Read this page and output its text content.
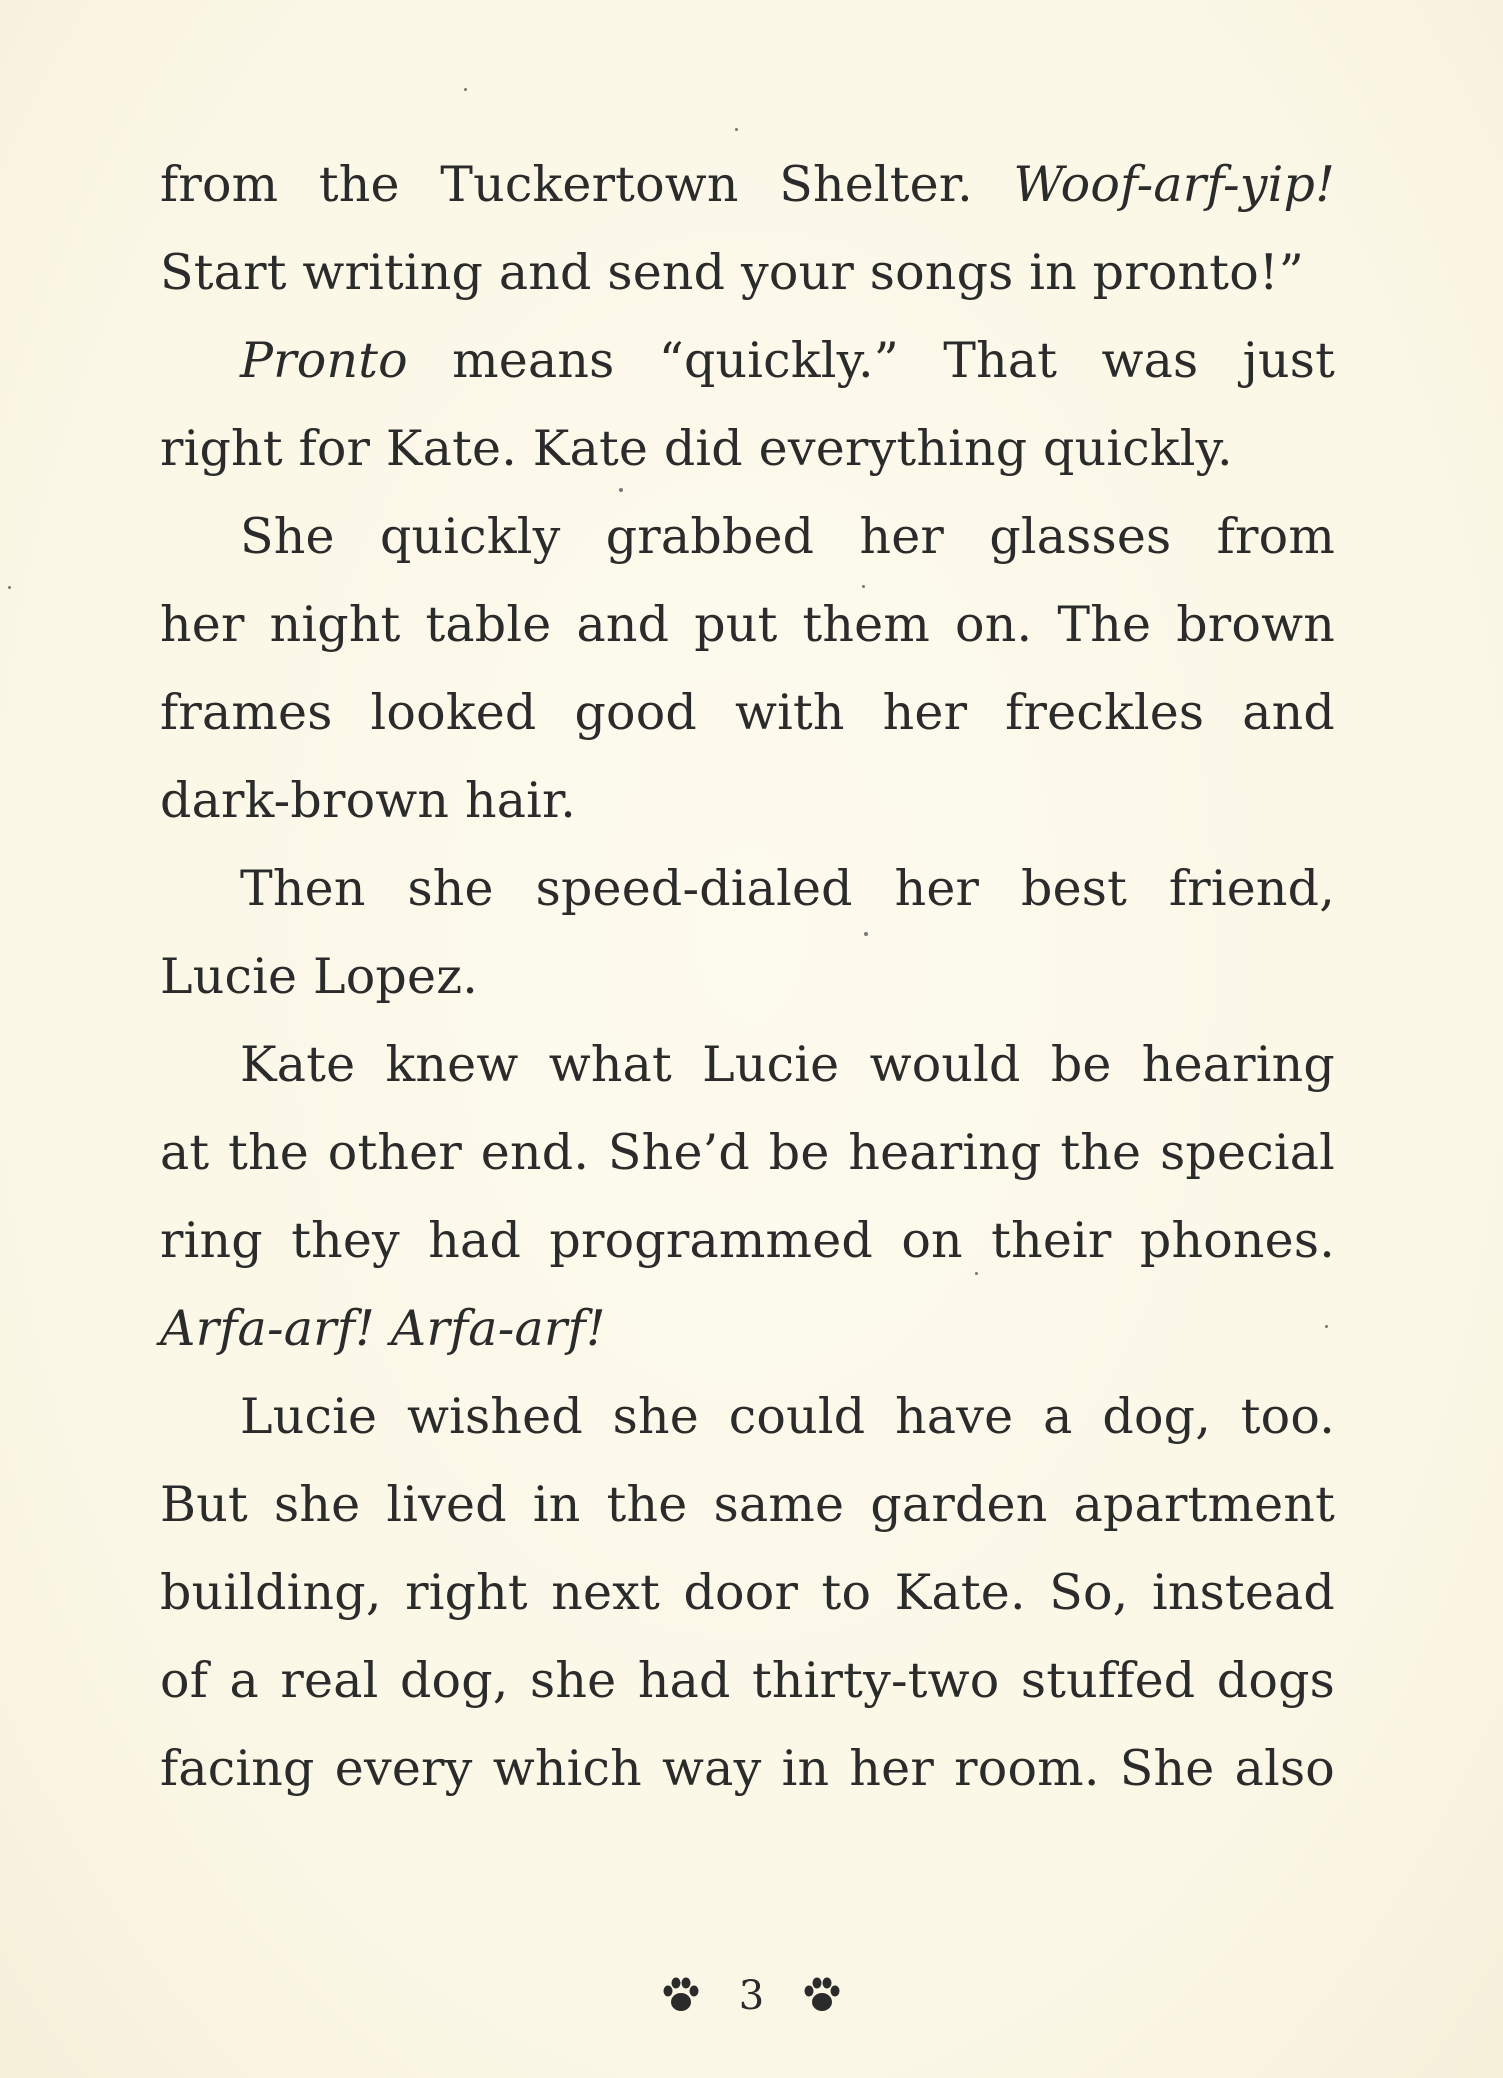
from the Tuckertown Shelter. Woof-arf-yip!
Start writing and send your songs in pronto!”
Pronto means “quickly.” That was just
right for Kate. Kate did everything quickly.
She quickly grabbed her glasses from
her night table and put them on. The brown
frames looked good with her freckles and
dark-brown hair.
Then she speed-dialed her best friend,
Lucie Lopez.
Kate knew what Lucie would be hearing
at the other end. She’d be hearing the special
ring they had programmed on their phones.
Arfa-arf! Arfa-arf!
Lucie wished she could have a dog, too.
But she lived in the same garden apartment
building, right next door to Kate. So, instead
of a real dog, she had thirty-two stuffed dogs
facing every which way in her room. She also
3
